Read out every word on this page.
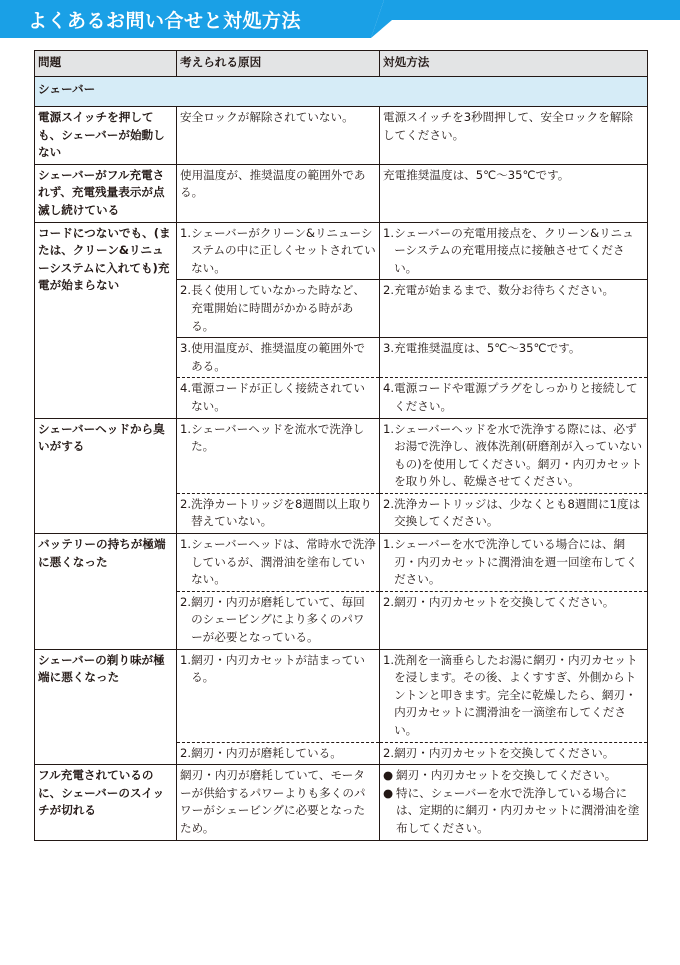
よくあるお問い合せと対処方法
問題	考えられる原因	対処方法
シェーバー		
電源スイッチを押しても、シェーバーが始動しない	安全ロックが解除されていない。	電源スイッチを3秒間押して、安全ロックを解除してください。
シェーバーがフル充電されず、充電残量表示が点滅し続けている	使用温度が、推奨温度の範囲外である。	充電推奨温度は、5℃〜35℃です。
コードにつないでも、(または、クリーン&リニューシステムに入れても)充電が始まらない	1. シェーバーがクリーン&リニューシステムの中に正しくセットされていない。	1. シェーバーの充電用接点を、クリーン&リニューシステムの充電用接点に接触させてください。

	2. 長く使用していなかった時など、充電開始に時間がかかる時がある。	2. 充電が始まるまで、数分お待ちください。

	3. 使用温度が、推奨温度の範囲外である。	3. 充電推奨温度は、5℃〜35℃です。

	4. 電源コードが正しく接続されていない。	4. 電源コードや電源プラグをしっかりと接続してください。

シェーバーヘッドから臭いがする	1. シェーバーヘッドを流水で洗浄した。	1. シェーバーヘッドを水で洗浄する際には、必ずお湯で洗浄し、液体洗剤(研磨剤が入っていないもの)を使用してください。網刃・内刃カセットを取り外し、乾燥させてください。

	2. 洗浄カートリッジを8週間以上取り替えていない。	2. 洗浄カートリッジは、少なくとも8週間に1度は交換してください。

バッテリーの持ちが極端に悪くなった	1. シェーバーヘッドは、常時水で洗浄しているが、潤滑油を塗布していない。	1. シェーバーを水で洗浄している場合には、網刃・内刃カセットに潤滑油を週一回塗布してください。

	2. 網刃・内刃が磨耗していて、毎回のシェービングにより多くのパワーが必要となっている。	2. 網刃・内刃カセットを交換してください。

シェーバーの剃り味が極端に悪くなった	1. 網刃・内刃カセットが詰まっている。	1. 洗剤を一滴垂らしたお湯に網刃・内刃カセットを浸します。その後、よくすすぎ、外側からトントンと叩きます。完全に乾燥したら、網刃・内刃カセットに潤滑油を一滴塗布してください。

	2. 網刃・内刃が磨耗している。	2. 網刃・内刃カセットを交換してください。

フル充電されているのに、シェーバーのスイッチが切れる	網刃・内刃が磨耗していて、モーターが供給するパワーよりも多くのパワーがシェービングに必要となったため。	● 網刃・内刃カセットを交換してください。
● 特に、シェーバーを水で洗浄している場合には、定期的に網刃・内刃カセットに潤滑油を塗布してください。
